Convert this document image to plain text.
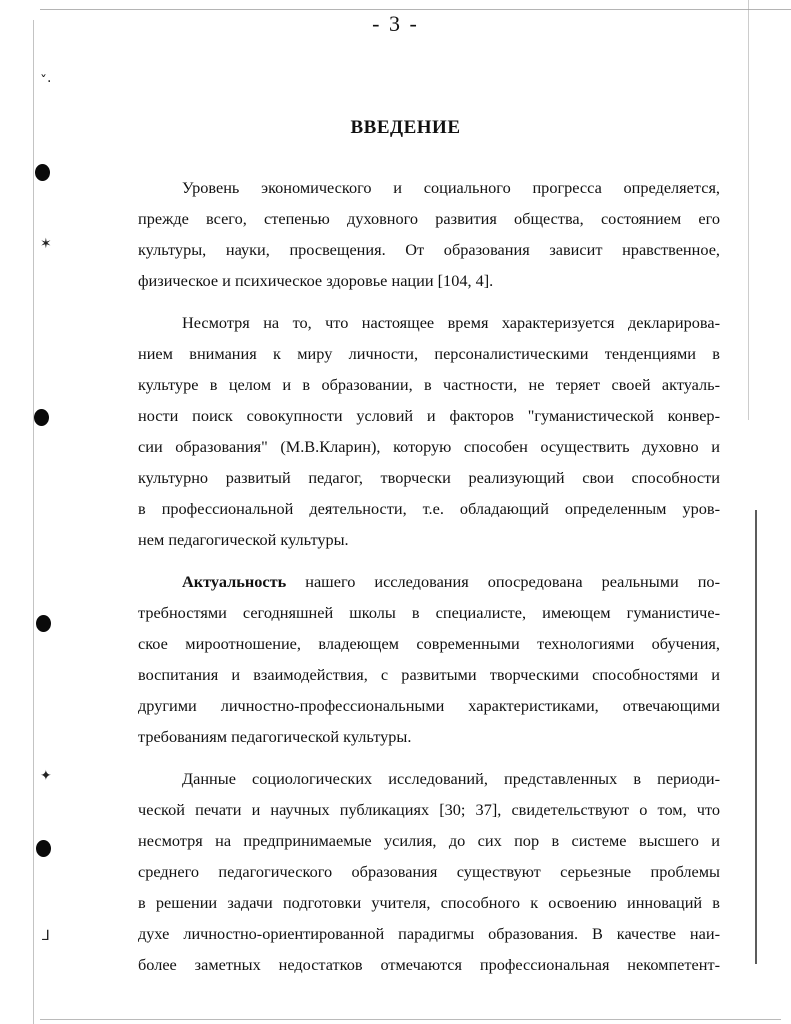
ˇ·
✶
✦
⅃
- 3 -
ВВЕДЕНИЕ
Уровень экономического и социального прогресса определяется,
прежде всего, степенью духовного развития общества, состоянием его
культуры, науки, просвещения. От образования зависит нравственное,
физическое и психическое здоровье нации [104, 4].
Несмотря на то, что настоящее время характеризуется декларирова-
нием внимания к миру личности, персоналистическими тенденциями в
культуре в целом и в образовании, в частности, не теряет своей актуаль-
ности поиск совокупности условий и факторов "гуманистической конвер-
сии образования" (М.В.Кларин), которую способен осуществить духовно и
культурно развитый педагог, творчески реализующий свои способности
в профессиональной деятельности, т.е. обладающий определенным уров-
нем педагогической культуры.
Актуальность нашего исследования опосредована реальными по-
требностями сегодняшней школы в специалисте, имеющем гуманистиче-
ское мироотношение, владеющем современными технологиями обучения,
воспитания и взаимодействия, с развитыми творческими способностями и
другими личностно-профессиональными характеристиками, отвечающими
требованиям педагогической культуры.
Данные социологических исследований, представленных в периоди-
ческой печати и научных публикациях [30; 37], свидетельствуют о том, что
несмотря на предпринимаемые усилия, до сих пор в системе высшего и
среднего педагогического образования существуют серьезные проблемы
в решении задачи подготовки учителя, способного к освоению инноваций в
духе личностно-ориентированной парадигмы образования. В качестве наи-
более заметных недостатков отмечаются профессиональная некомпетент-
